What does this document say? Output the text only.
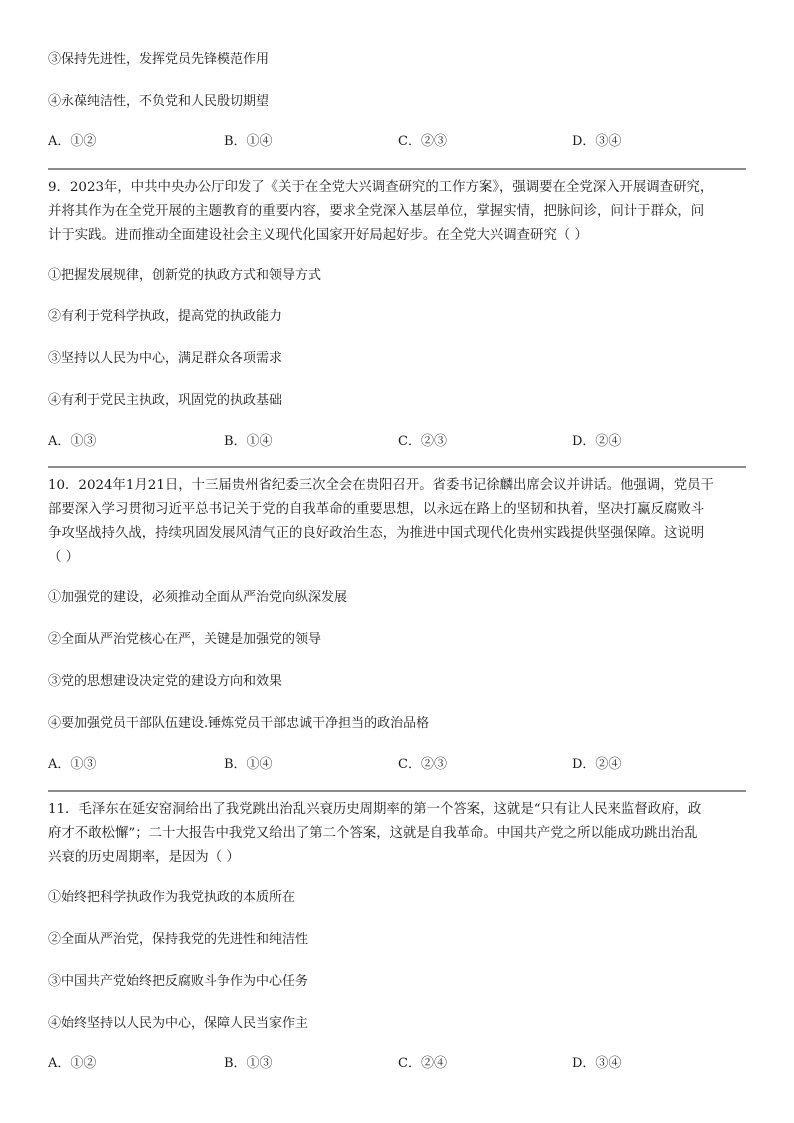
③保持先进性，发挥党员先锋模范作用
④永葆纯洁性，不负党和人民殷切期望
A．①②	B．①④	C．②③	D．③④
9．2023年，中共中央办公厅印发了《关于在全党大兴调查研究的工作方案》，强调要在全党深入开展调查研究，
并将其作为在全党开展的主题教育的重要内容，要求全党深入基层单位，掌握实情，把脉问诊，问计于群众，问
计于实践。进而推动全面建设社会主义现代化国家开好局起好步。在全党大兴调查研究（ ）
①把握发展规律，创新党的执政方式和领导方式
②有利于党科学执政，提高党的执政能力
③坚持以人民为中心，满足群众各项需求
④有利于党民主执政，巩固党的执政基础
A．①③	B．①④	C．②③	D．②④
10．2024年1月21日，十三届贵州省纪委三次全会在贵阳召开。省委书记徐麟出席会议并讲话。他强调，党员干
部要深入学习贯彻习近平总书记关于党的自我革命的重要思想，以永远在路上的坚韧和执着，坚决打赢反腐败斗
争攻坚战持久战，持续巩固发展风清气正的良好政治生态，为推进中国式现代化贵州实践提供坚强保障。这说明
（ ）
①加强党的建设，必须推动全面从严治党向纵深发展
②全面从严治党核心在严，关键是加强党的领导
③党的思想建设决定党的建设方向和效果
④要加强党员干部队伍建设.锤炼党员干部忠诚干净担当的政治品格
A．①③	B．①④	C．②③	D．②④
11．毛泽东在延安窑洞给出了我党跳出治乱兴衰历史周期率的第一个答案，这就是“只有让人民来监督政府，政
府才不敢松懈”；二十大报告中我党又给出了第二个答案，这就是自我革命。中国共产党之所以能成功跳出治乱
兴衰的历史周期率，是因为（ ）
①始终把科学执政作为我党执政的本质所在
②全面从严治党，保持我党的先进性和纯洁性
③中国共产党始终把反腐败斗争作为中心任务
④始终坚持以人民为中心，保障人民当家作主
A．①②	B．①③	C．②④	D．③④
